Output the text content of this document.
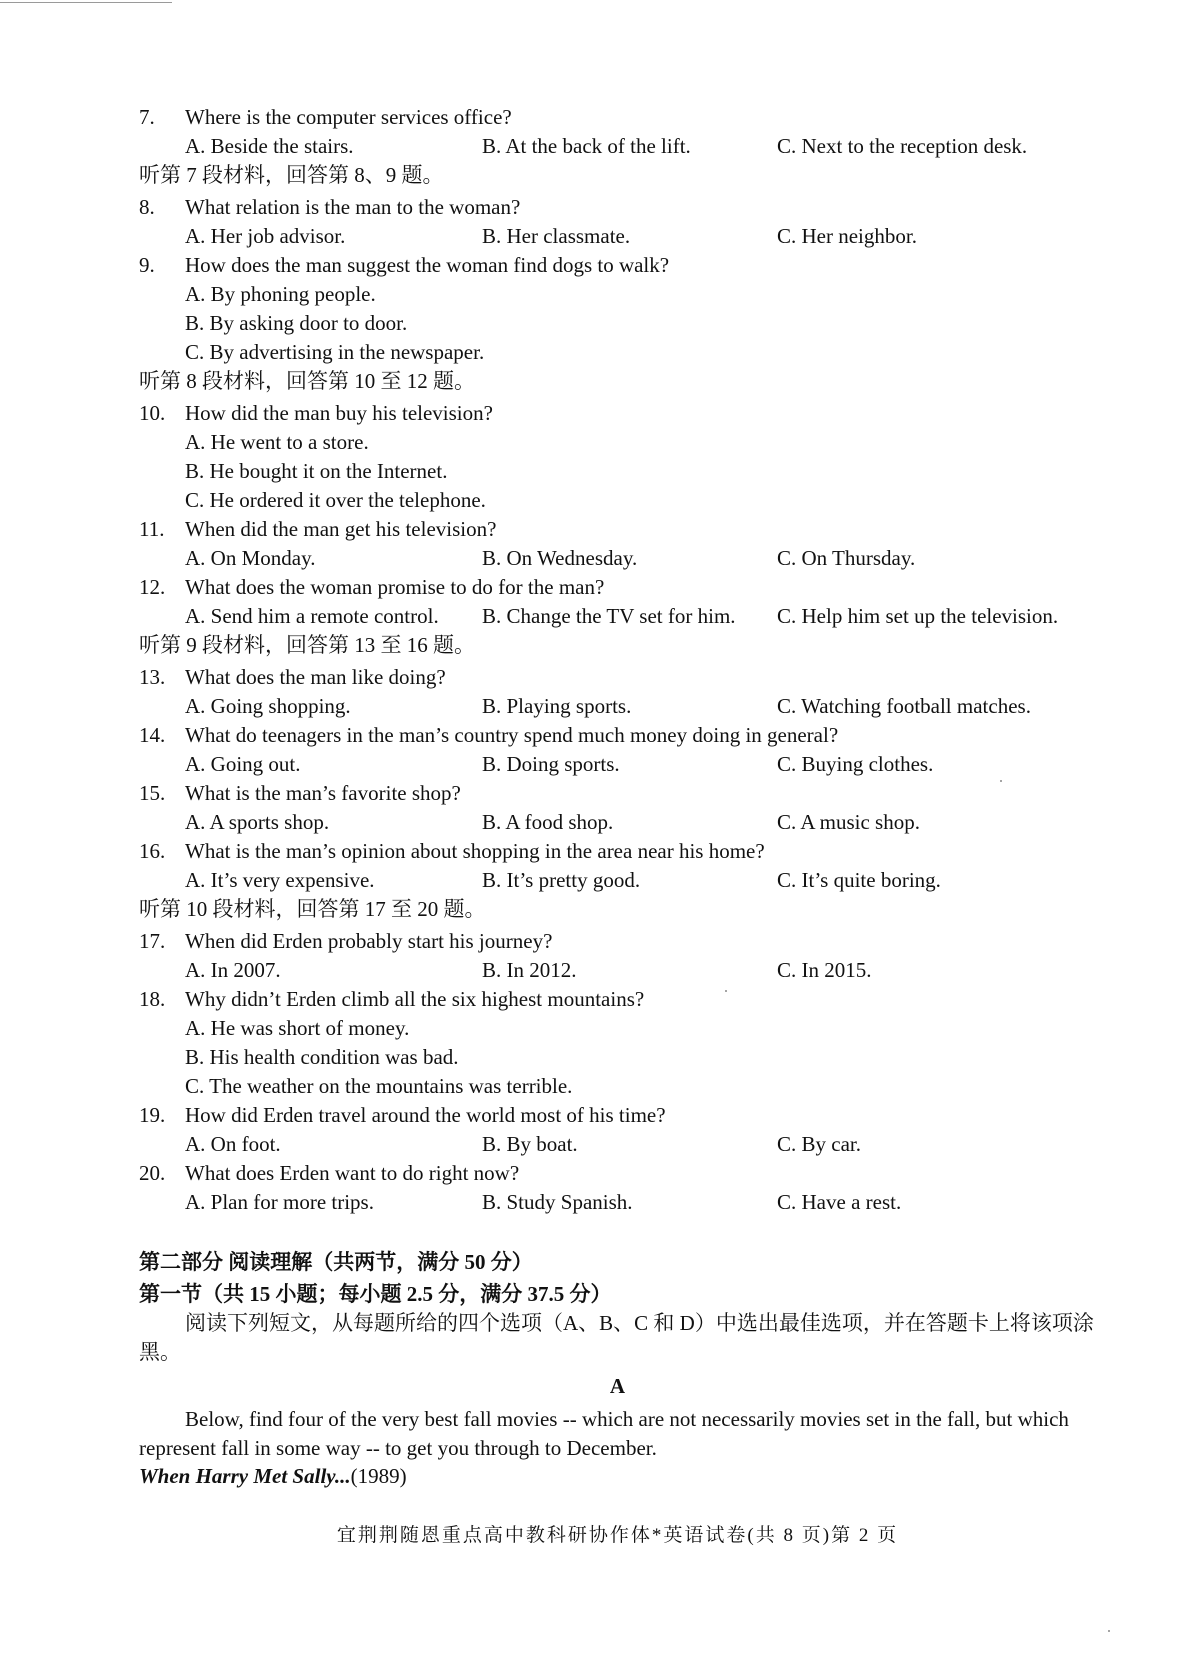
7. Where is the computer services office?
A. Beside the stairs.	B. At the back of the lift.	C. Next to the reception desk.
听第 7 段材料，回答第 8、9 题。
8. What relation is the man to the woman?
A. Her job advisor.	B. Her classmate.	C. Her neighbor.
9. How does the man suggest the woman find dogs to walk?
A. By phoning people.
B. By asking door to door.
C. By advertising in the newspaper.
听第 8 段材料，回答第 10 至 12 题。
10. How did the man buy his television?
A. He went to a store.
B. He bought it on the Internet.
C. He ordered it over the telephone.
11. When did the man get his television?
A. On Monday.	B. On Wednesday.	C. On Thursday.
12. What does the woman promise to do for the man?
A. Send him a remote control. B. Change the TV set for him. C. Help him set up the television.
听第 9 段材料，回答第 13 至 16 题。
13. What does the man like doing?
A. Going shopping.	B. Playing sports.	C. Watching football matches.
14. What do teenagers in the man’s country spend much money doing in general?
A. Going out.	B. Doing sports.	C. Buying clothes.
15. What is the man’s favorite shop?
A. A sports shop.	B. A food shop.	C. A music shop.
16. What is the man’s opinion about shopping in the area near his home?
A. It’s very expensive.	B. It’s pretty good.	C. It’s quite boring.
听第 10 段材料，回答第 17 至 20 题。
17. When did Erden probably start his journey?
A. In 2007.	B. In 2012.	C. In 2015.
18. Why didn’t Erden climb all the six highest mountains?
A. He was short of money.
B. His health condition was bad.
C. The weather on the mountains was terrible.
19. How did Erden travel around the world most of his time?
A. On foot.	B. By boat.	C. By car.
20. What does Erden want to do right now?
A. Plan for more trips.	B. Study Spanish.	C. Have a rest.
第二部分 阅读理解（共两节，满分 50 分）
第一节（共 15 小题；每小题 2.5 分，满分 37.5 分）
阅读下列短文，从每题所给的四个选项（A、B、C 和 D）中选出最佳选项，并在答题卡上将该项涂黑。
A
Below, find four of the very best fall movies -- which are not necessarily movies set in the fall, but which represent fall in some way -- to get you through to December.
When Harry Met Sally...(1989)
宜荆荆随恩重点高中教科研协作体*英语试卷(共 8 页)第 2 页
